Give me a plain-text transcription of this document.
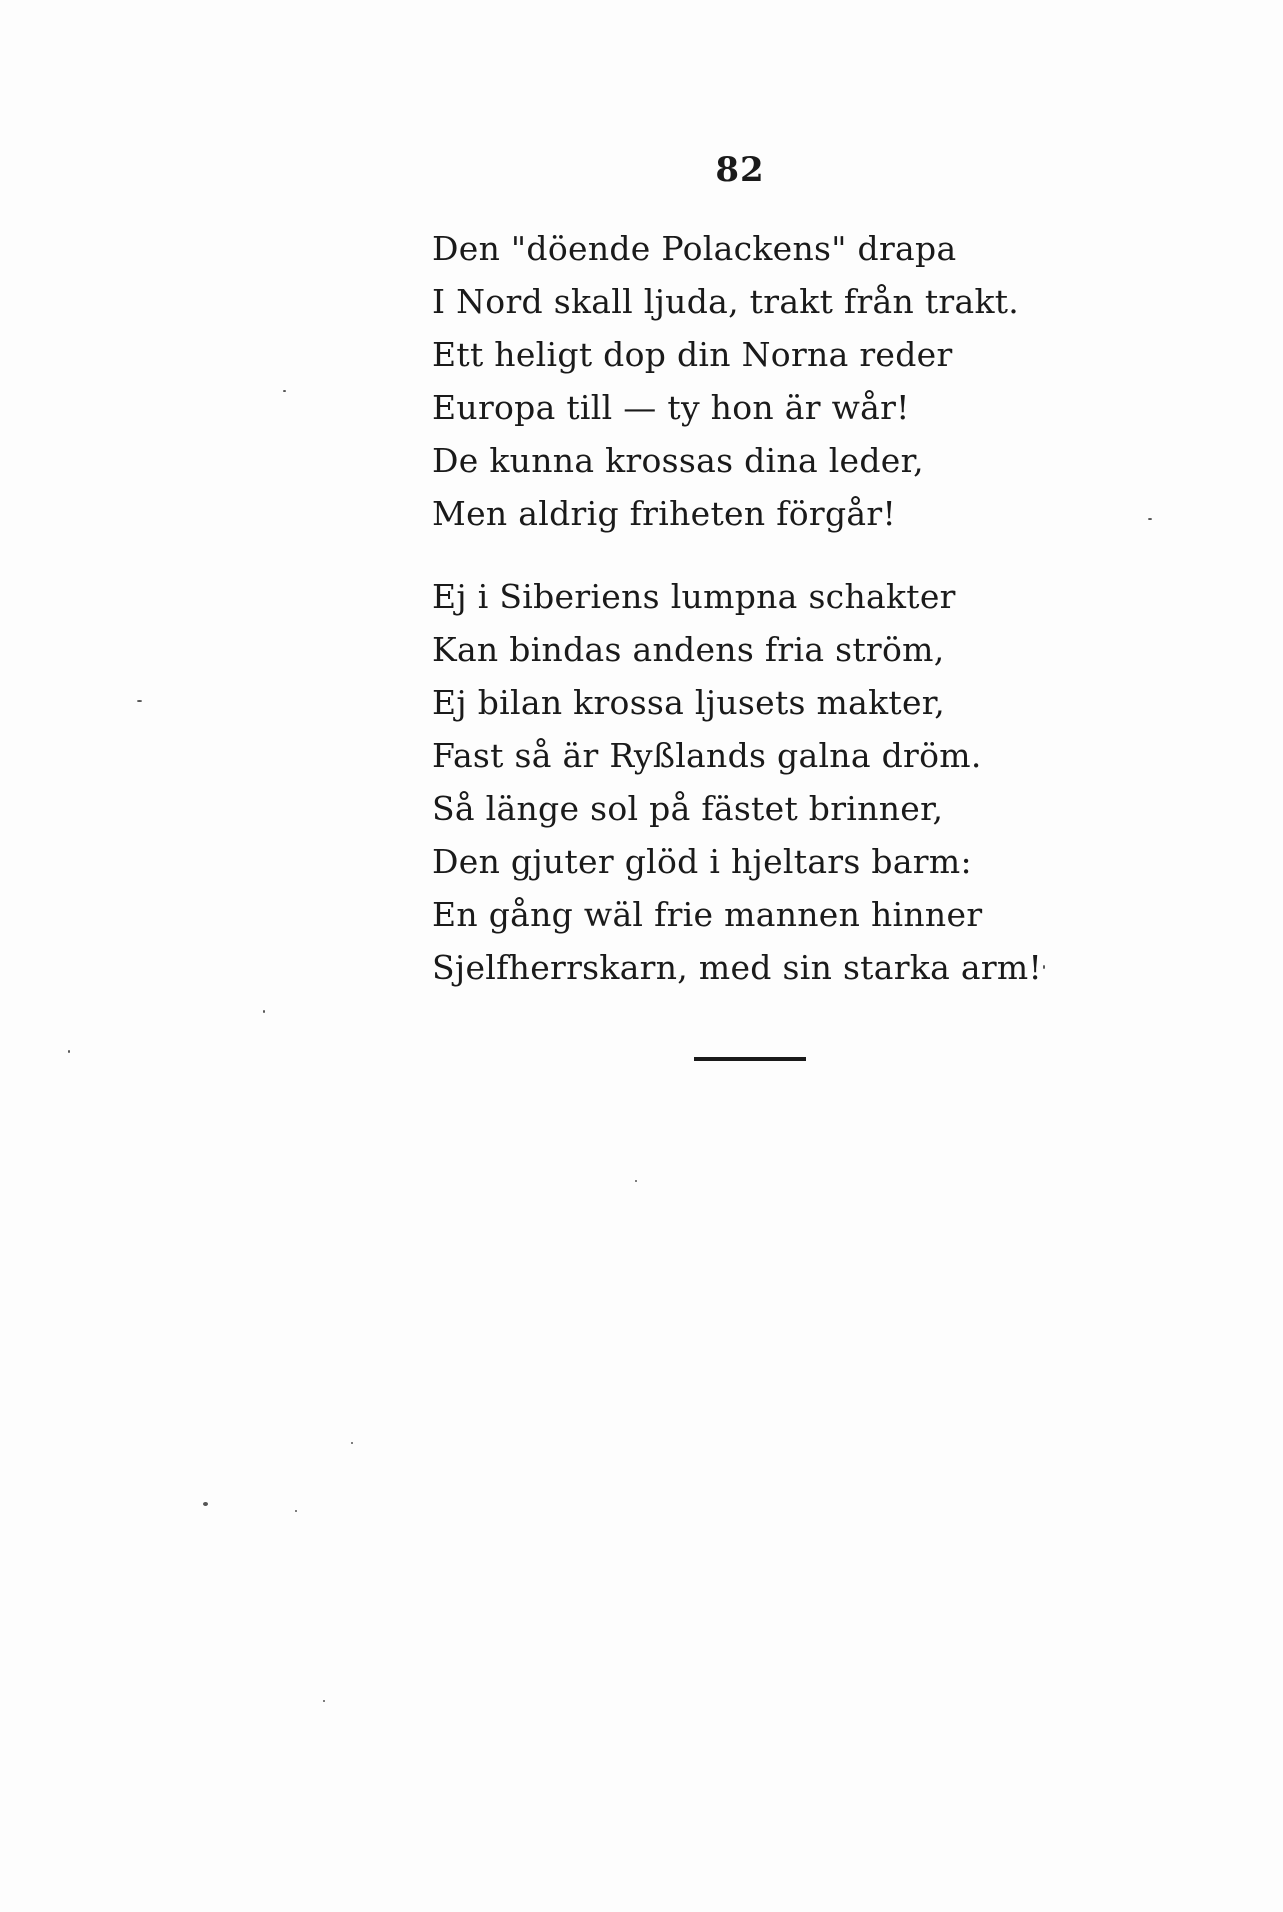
82
Den "döende Polackens" drapa
I Nord skall ljuda, trakt från trakt.
Ett heligt dop din Norna reder
Europa till — ty hon är wår!
De kunna krossas dina leder,
Men aldrig friheten förgår!
Ej i Siberiens lumpna schakter
Kan bindas andens fria ström,
Ej bilan krossa ljusets makter,
Fast så är Ryßlands galna dröm.
Så länge sol på fästet brinner,
Den gjuter glöd i hjeltars barm:
En gång wäl frie mannen hinner
Sjelfherrskarn, med sin starka arm!
